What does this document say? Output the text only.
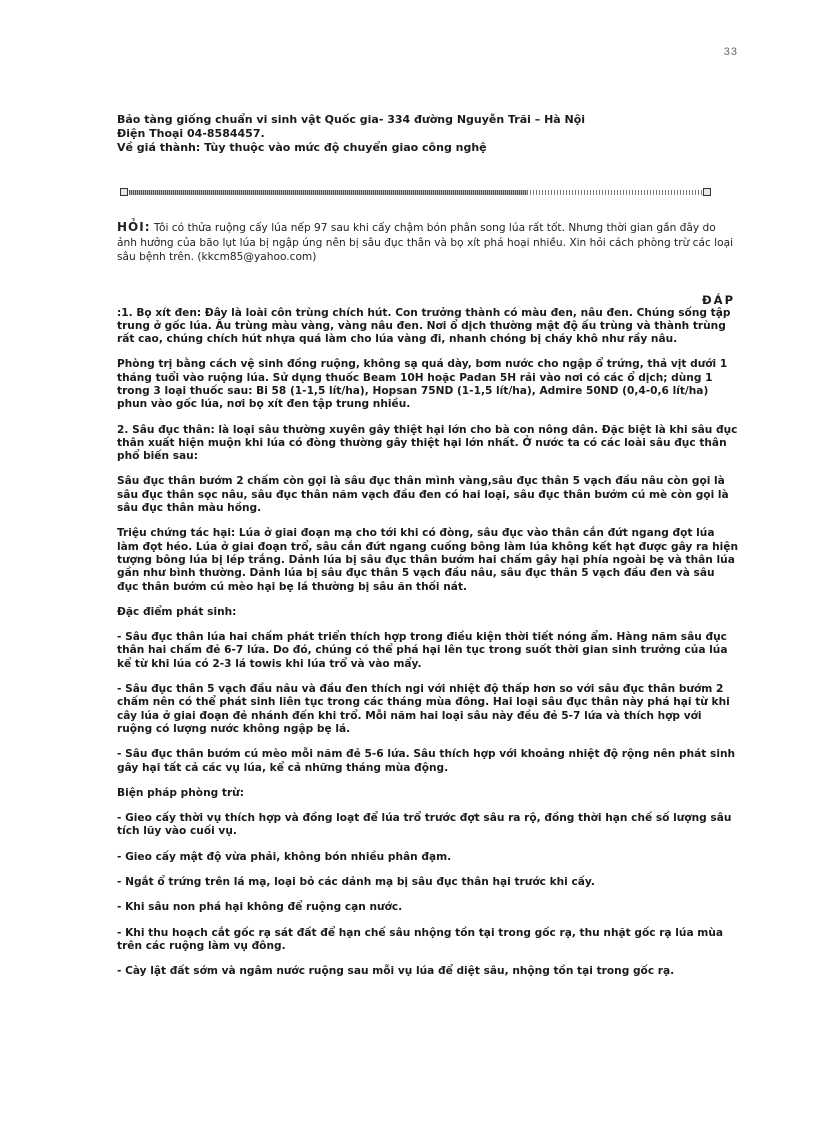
33

Bảo tàng giống chuẩn vi sinh vật Quốc gia- 334 đường Nguyễn Trãi – Hà Nội

Điện Thoại 04-8584457.

Về giá thành: Tùy thuộc vào mức độ chuyển giao công nghệ

HỎI: Tôi có thửa ruộng cấy lúa nếp 97 sau khi cấy chậm bón phân song lúa rất tốt. Nhưng thời gian gần đây do ảnh hưởng của bão lụt lúa bị ngập úng nên bị sâu đục thân và bọ xít phá hoại nhiều. Xin hỏi cách phòng trừ các loại sâu bệnh trên. (kkcm85@yahoo.com)
ĐÁP

:1. Bọ xít đen: Đây là loài côn trùng chích hút. Con trưởng thành có màu đen, nâu đen. Chúng sống tập trung ở gốc lúa. Ấu trùng màu vàng, vàng nâu đen. Nơi ổ dịch thường mật độ ấu trùng và thành trùng rất cao, chúng chích hút nhựa quá làm cho lúa vàng đi, nhanh chóng bị cháy khô như rầy nâu.

Phòng trị bằng cách vệ sinh đồng ruộng, không sạ quá dày, bơm nước cho ngập ổ trứng, thả vịt dưới 1 tháng tuổi vào ruộng lúa. Sử dụng thuốc Beam 10H hoặc Padan 5H rải vào nơi có các ổ dịch; dùng 1 trong 3 loại thuốc sau: Bi 58 (1-1,5 lít/ha), Hopsan 75ND (1-1,5 lít/ha), Admire 50ND (0,4-0,6 lít/ha) phun vào gốc lúa, nơi bọ xít đen tập trung nhiều.

2. Sâu đục thân: là loại sâu thường xuyên gây thiệt hại lớn cho bà con nông dân. Đặc biệt là khi sâu đục thân xuất hiện muộn khi lúa có đòng thường gây thiệt hại lớn nhất. Ở nước ta có các loài sâu đục thân phổ biến sau:

Sâu đục thân bướm 2 chấm còn gọi là sâu đục thân mình vàng,sâu đục thân 5 vạch đầu nâu còn gọi là sâu đục thân sọc nâu, sâu đục thân năm vạch đầu đen có hai loại, sâu đục thân bướm cú mè còn gọi là sâu đục thân màu hồng.

Triệu chứng tác hại: Lúa ở giai đoạn mạ cho tới khi có đòng, sâu đục vào thân cắn đứt ngang đọt lúa làm đọt héo. Lúa ở giai đoạn trổ, sâu cắn đứt ngang cuống bông làm lúa không kết hạt được gây ra hiện tượng bông lúa bị lép trắng. Dảnh lúa bị sâu đục thân bướm hai chấm gây hại phía ngoài bẹ và thân lúa gần như bình thường. Dảnh lúa bị sâu đục thân 5 vạch đầu nâu, sâu đục thân 5 vạch đầu đen và sâu đục thân bướm cú mèo hại bẹ lá thường bị sâu ăn thối nát.

Đặc điểm phát sinh:

- Sâu đục thân lúa hai chấm phát triển thích hợp trong điều kiện thời tiết nóng ẩm. Hàng năm sâu đục thân hai chấm đẻ 6-7 lứa. Do đó, chúng có thể phá hại lên tục trong suốt thời gian sinh trưởng của lúa kể từ khi lúa có 2-3 lá towis khi lúa trổ và vào mẩy.

- Sâu đục thân 5 vạch đầu nâu và đầu đen thích ngi với nhiệt độ thấp hơn so với sâu đục thân bướm 2 chấm nên có thể phát sinh liên tục trong các tháng mùa đông. Hai loại sâu đục thân này phá hại từ khi cây lúa ở giai đoạn đẻ nhánh đến khi trổ. Mỗi năm hai loại sâu này đều đẻ 5-7 lứa và thích hợp với ruộng có lượng nước không ngập bẹ lá.

- Sâu đục thân bướm cú mèo mỗi năm đẻ 5-6 lứa. Sâu thích hợp với khoảng nhiệt độ rộng nên phát sinh gây hại tất cả các vụ lúa, kể cả những tháng mùa động.

Biện pháp phòng trừ:

- Gieo cấy thời vụ thích hợp và đồng loạt để lúa trổ trước đợt sâu ra rộ, đồng thời hạn chế số lượng sâu tích lũy vào cuối vụ.

- Gieo cấy mật độ vừa phải, không bón nhiều phân đạm.

- Ngắt ổ trứng trên lá mạ, loại bỏ các dảnh mạ bị sâu đục thân hại trước khi cấy.

- Khi sâu non phá hại không để ruộng cạn nước.

- Khi thu hoạch cắt gốc rạ sát đất để hạn chế sâu nhộng tồn tại trong gốc rạ, thu nhặt gốc rạ lúa mùa trên các ruộng làm vụ đông.

- Cày lật đất sớm và ngâm nước ruộng sau mỗi vụ lúa để diệt sâu, nhộng tồn tại trong gốc rạ.
